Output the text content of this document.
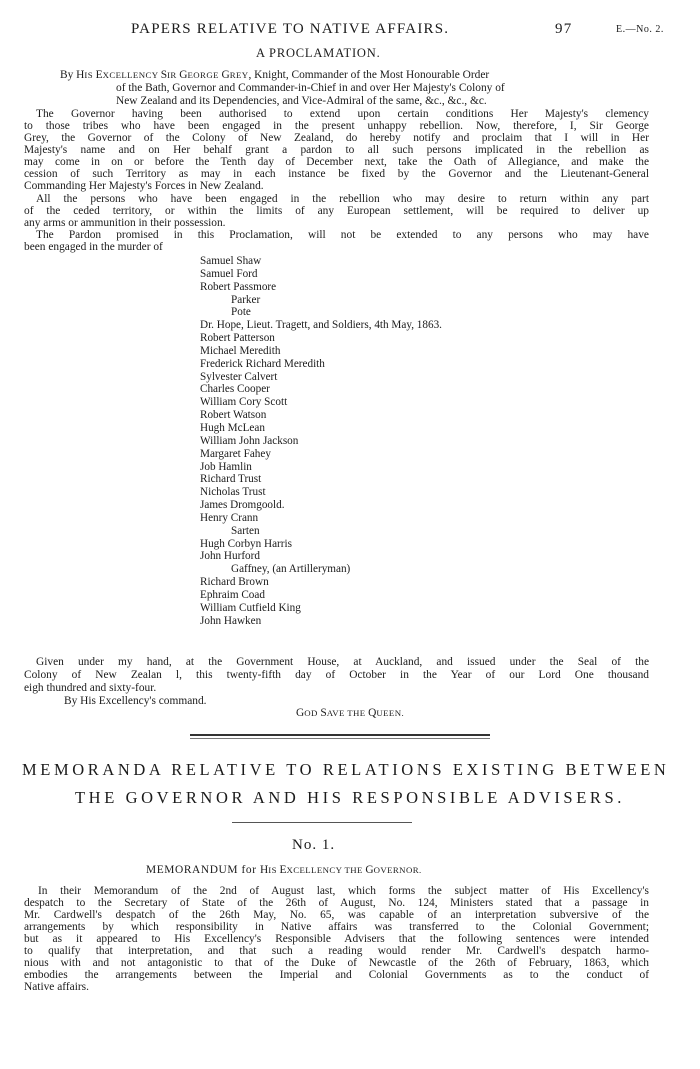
PAPERS RELATIVE TO NATIVE AFFAIRS.	97	E.—No. 2.
A PROCLAMATION.
By HIS EXCELLENCY SIR GEORGE GREY, Knight, Commander of the Most Honourable Order
of the Bath, Governor and Commander-in-Chief in and over Her Majesty's Colony of
New Zealand and its Dependencies, and Vice-Admiral of the same, &c., &c., &c.
The Governor having been authorised to extend upon certain conditions Her Majesty's clemency
to those tribes who have been engaged in the present unhappy rebellion. Now, therefore, I, Sir George
Grey, the Governor of the Colony of New Zealand, do hereby notify and proclaim that I will in Her
Majesty's name and on Her behalf grant a pardon to all such persons implicated in the rebellion as
may come in on or before the Tenth day of December next, take the Oath of Allegiance, and make the
cession of such Territory as may in each instance be fixed by the Governor and the Lieutenant-General
Commanding Her Majesty's Forces in New Zealand.
All the persons who have been engaged in the rebellion who may desire to return within any part
of the ceded territory, or within the limits of any European settlement, will be required to deliver up
any arms or ammunition in their possession.
The Pardon promised in this Proclamation, will not be extended to any persons who may have
been engaged in the murder of
Samuel Shaw
Samuel Ford
Robert Passmore
Parker
Pote
Dr. Hope, Lieut. Tragett, and Soldiers, 4th May, 1863.
Robert Patterson
Michael Meredith
Frederick Richard Meredith
Sylvester Calvert
Charles Cooper
William Cory Scott
Robert Watson
Hugh McLean
William John Jackson
Margaret Fahey
Job Hamlin
Richard Trust
Nicholas Trust
James Dromgoold.
Henry Crann
Sarten
Hugh Corbyn Harris
John Hurford
Gaffney, (an Artilleryman)
Richard Brown
Ephraim Coad
William Cutfield King
John Hawken
Given under my hand, at the Government House, at Auckland, and issued under the Seal of the
Colony of New Zealan l, this twenty-fifth day of October in the Year of our Lord One thousand
eigh thundred and sixty-four.
By His Excellency's command.
GOD SAVE THE QUEEN.
MEMORANDA RELATIVE TO RELATIONS EXISTING BETWEEN
THE GOVERNOR AND HIS RESPONSIBLE ADVISERS.
No. 1.
MEMORANDUM for HIS EXCELLENCY THE GOVERNOR.
In their Memorandum of the 2nd of August last, which forms the subject matter of His Excellency's
despatch to the Secretary of State of the 26th of August, No. 124, Ministers stated that a passage in
Mr. Cardwell's despatch of the 26th May, No. 65, was capable of an interpretation subversive of the
arrangements by which responsibility in Native affairs was transferred to the Colonial Government;
but as it appeared to His Excellency's Responsible Advisers that the following sentences were intended
to qualify that interpretation, and that such a reading would render Mr. Cardwell's despatch harmo-
nious with and not antagonistic to that of the Duke of Newcastle of the 26th of February, 1863, which
embodies the arrangements between the Imperial and Colonial Governments as to the conduct of
Native affairs.
